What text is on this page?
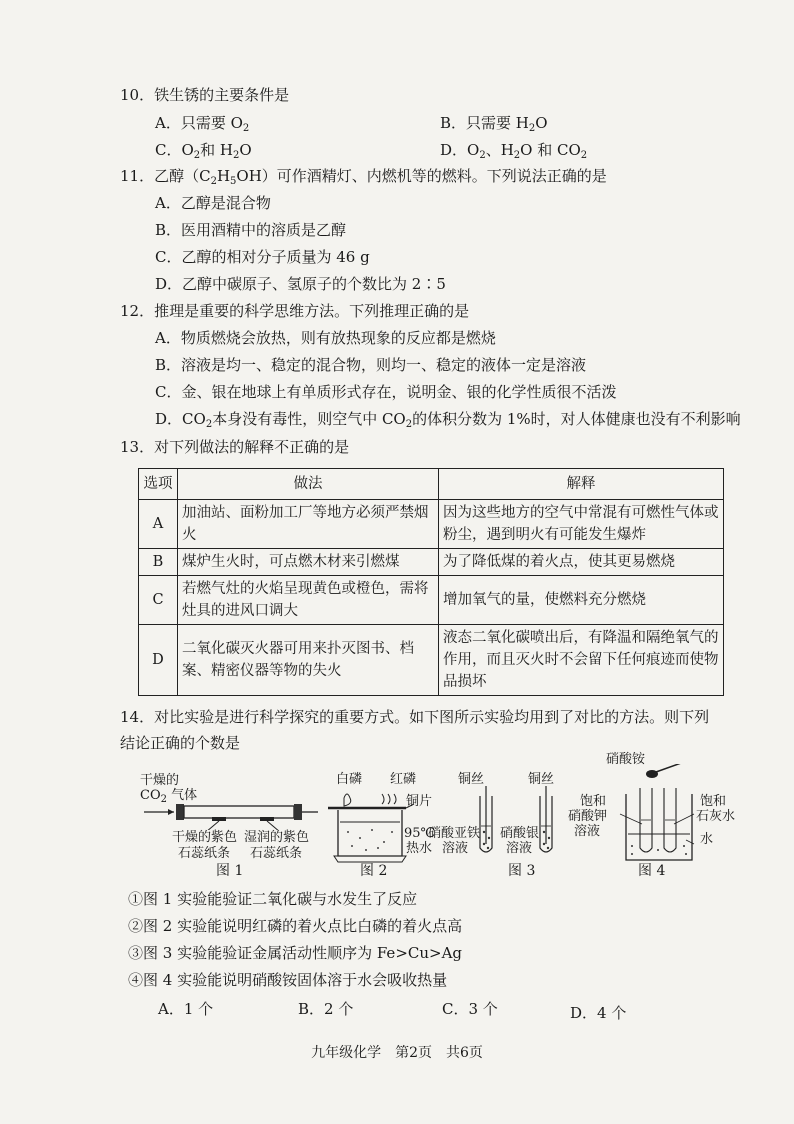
10．铁生锈的主要条件是
A．只需要 $O_2$	B．只需要 $H_2O$
C．$O_2$和 $H_2O$	D．$O_2$、$H_2O$ 和 $CO_2$
11．乙醇$(C_2H_5OH)$可作酒精灯、内燃机等的燃料。下列说法正确的是
A．乙醇是混合物
B．医用酒精中的溶质是乙醇
C．乙醇的相对分子质量为 46 g
D．乙醇中碳原子、氢原子的个数比为 2∶5
12．推理是重要的科学思维方法。下列推理正确的是
A．物质燃烧会放热，则有放热现象的反应都是燃烧
B．溶液是均一、稳定的混合物，则均一、稳定的液体一定是溶液
C．金、银在地球上有单质形式存在，说明金、银的化学性质很不活泼
D．$CO_2$本身没有毒性，则空气中 $CO_2$的体积分数为 1%时，对人体健康也没有不利影响
13．对下列做法的解释不正确的是
选项	做法	解释
A	加油站、面粉加工厂等地方必须严禁烟火	因为这些地方的空气中常混有可燃性气体或粉尘，遇到明火有可能发生爆炸
B	煤炉生火时，可点燃木材来引燃煤	为了降低煤的着火点，使其更易燃烧
C	若燃气灶的火焰呈现黄色或橙色，需将灶具的进风口调大	增加氧气的量，使燃料充分燃烧
D	二氧化碳灭火器可用来扑灭图书、档案、精密仪器等物的失火	液态二氧化碳喷出后，有降温和隔绝氧气的作用，而且灭火时不会留下任何痕迹而使物品损坏
14．对比实验是进行科学探究的重要方式。如下图所示实验均用到了对比的方法。则下列
结论正确的个数是
干燥的
$CO_2$ 气体
干燥的紫色 湿润的紫色
石蕊纸条 石蕊纸条
图 1
白磷 红磷
铜片
95℃
热水
图 2
铜丝	铜丝
硝酸亚铁
溶液
硝酸银
溶液
图 3
硝酸铵
饱和
硝酸钾
溶液
饱和
石灰水
水
图 4
①图 1 实验能验证二氧化碳与水发生了反应
②图 2 实验能说明红磷的着火点比白磷的着火点高
③图 3 实验能验证金属活动性顺序为 Fe>Cu>Ag
④图 4 实验能说明硝酸铵固体溶于水会吸收热量
A．1 个	B．2 个	C．3 个	D．4 个
九年级化学　第2页　共6页
